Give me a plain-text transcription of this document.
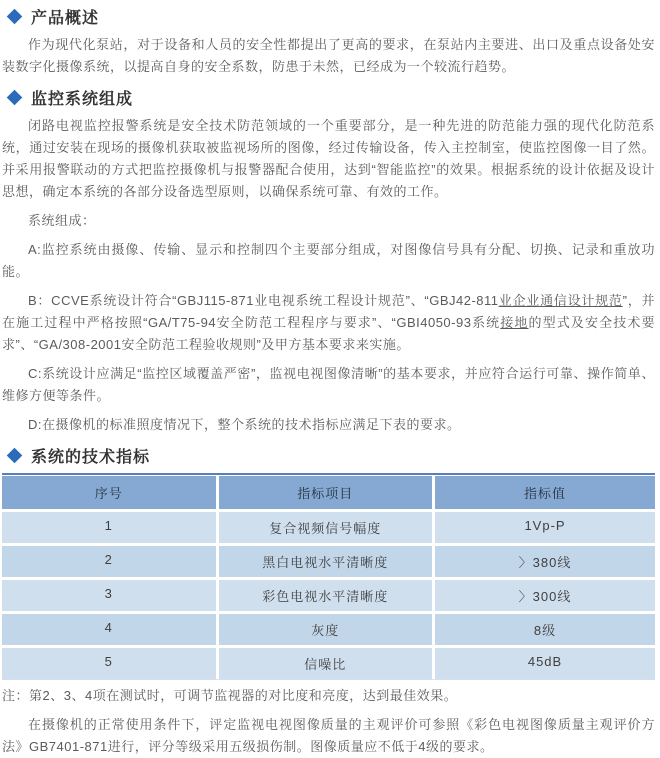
产品概述

作为现代化泵站，对于设备和人员的安全性都提出了更高的要求，在泵站内主要进、出口及重点设备处安装数字化摄像系统，以提高自身的安全系数，防患于未然，已经成为一个较流行趋势。

监控系统组成

闭路电视监控报警系统是安全技术防范领域的一个重要部分，是一种先进的防范能力强的现代化防范系统，通过安装在现场的摄像机获取被监视场所的图像，经过传输设备，传入主控制室，使监控图像一目了然。并采用报警联动的方式把监控摄像机与报警器配合使用，达到“智能监控”的效果。根据系统的设计依据及设计思想，确定本系统的各部分设备选型原则，以确保系统可靠、有效的工作。

系统组成：

A:监控系统由摄像、传输、显示和控制四个主要部分组成，对图像信号具有分配、切换、记录和重放功能。

B：CCVE系统设计符合“GBJ115-871业电视系统工程设计规范”、“GBJ42-811业企业通信设计规范”，并在施工过程中严格按照“GA/T75-94安全防范工程程序与要求”、“GBI4050-93系统接地的型式及安全技术要求”、“GA/308-2001安全防范工程验收规则”及甲方基本要求来实施。

C:系统设计应满足“监控区域覆盖严密”，监视电视图像清晰”的基本要求，并应符合运行可靠、操作简单、维修方便等条件。

D:在摄像机的标准照度情况下，整个系统的技术指标应满足下表的要求。

系统的技术指标
序号	指标项目	指标值
1	复合视频信号幅度	1Vp-P
2	黑白电视水平清晰度	〉380线
3	彩色电视水平清晰度	〉300线
4	灰度	8级
5	信噪比	45dB

注：第2、3、4项在测试时，可调节监视器的对比度和亮度，达到最佳效果。

在摄像机的正常使用条件下，评定监视电视图像质量的主观评价可参照《彩色电视图像质量主观评价方法》GB7401-871进行，评分等级采用五级损伤制。图像质量应不低于4级的要求。
